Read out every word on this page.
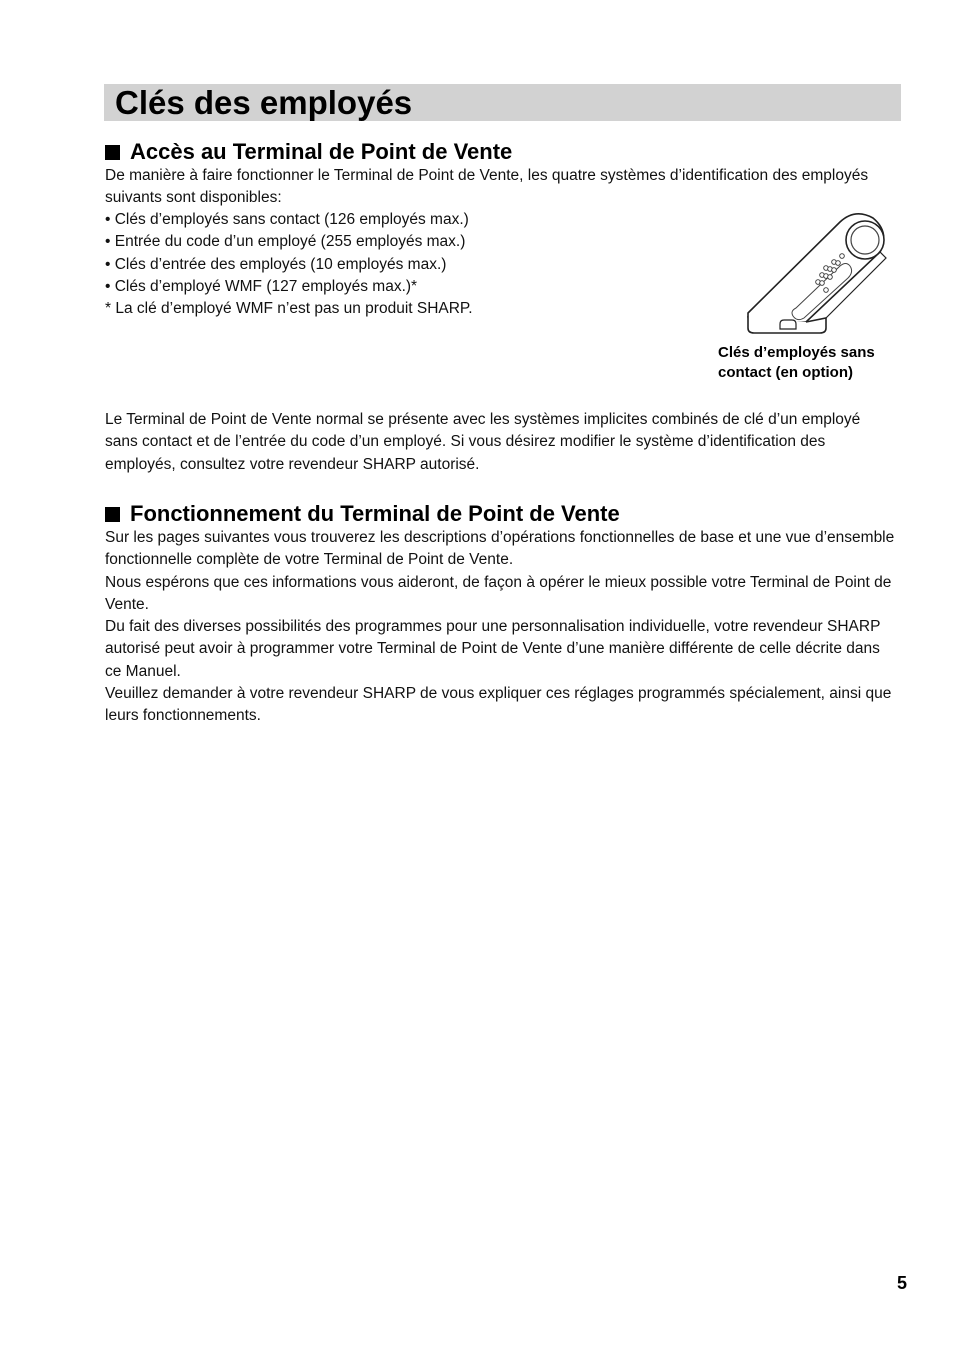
Clés des employés
Accès au Terminal de Point de Vente

De manière à faire fonctionner le Terminal de Point de Vente, les quatre systèmes d’identification des employés suivants sont disponibles:

• Clés d’employés sans contact (126 employés max.)

• Entrée du code d’un employé (255 employés max.)

• Clés d’entrée des employés (10 employés max.)

• Clés d’employé WMF (127 employés max.)*

* La clé d’employé WMF n’est pas un produit SHARP.

Clés d’employés sans contact (en option)

Le Terminal de Point de Vente normal se présente avec les systèmes implicites combinés de clé d’un employé sans contact et de l’entrée du code d’un employé. Si vous désirez modifier le système d’identification des employés, consultez votre revendeur SHARP autorisé.

Fonctionnement du Terminal de Point de Vente

Sur les pages suivantes vous trouverez les descriptions d’opérations fonctionnelles de base et une vue d’ensemble fonctionnelle complète de votre Terminal de Point de Vente.

Nous espérons que ces informations vous aideront, de façon à opérer le mieux possible votre Terminal de Point de Vente.

Du fait des diverses possibilités des programmes pour une personnalisation individuelle, votre revendeur SHARP autorisé peut avoir à programmer votre Terminal de Point de Vente d’une manière différente de celle décrite dans ce Manuel.

Veuillez demander à votre revendeur SHARP de vous expliquer ces réglages programmés spécialement, ainsi que leurs fonctionnements.

5
